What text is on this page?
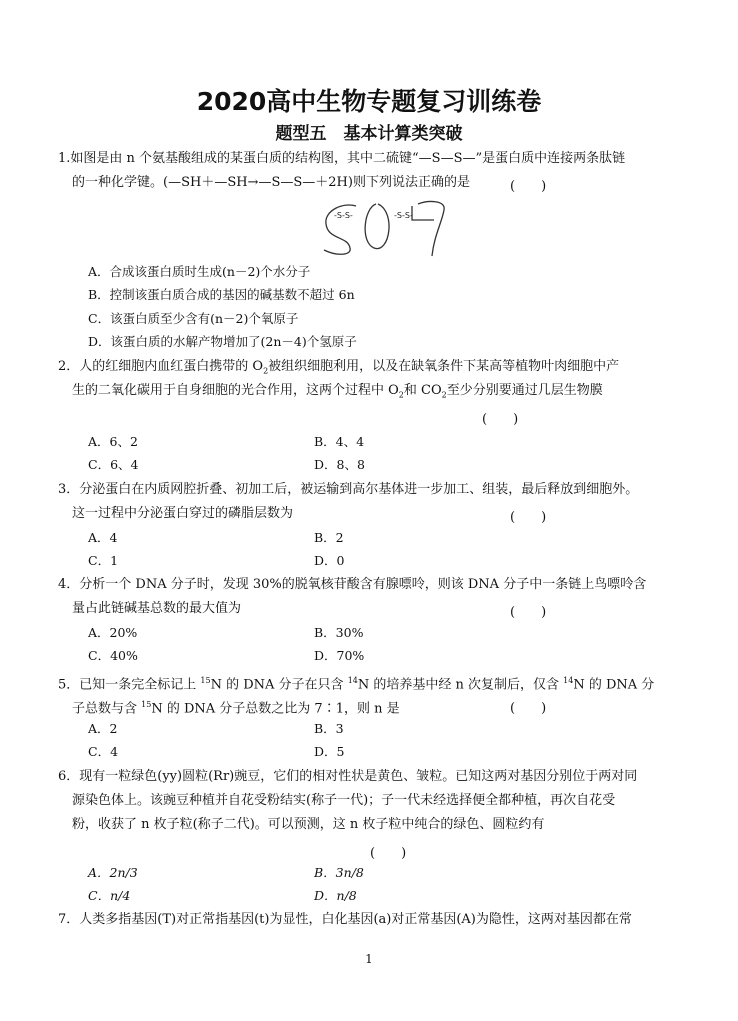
2020高中生物专题复习训练卷
题型五　基本计算类突破
1.如图是由 n 个氨基酸组成的某蛋白质的结构图，其中二硫键“—S—S—”是蛋白质中连接两条肽链
的一种化学键。(—SH＋—SH→—S—S—＋2H)则下列说法正确的是	(　　)
-S-S-	-S-S-
A．合成该蛋白质时生成(n－2)个水分子
B．控制该蛋白质合成的基因的碱基数不超过 6n
C．该蛋白质至少含有(n－2)个氧原子
D．该蛋白质的水解产物增加了(2n－4)个氢原子
2．人的红细胞内血红蛋白携带的 $O_2$被组织细胞利用，以及在缺氧条件下某高等植物叶肉细胞中产
生的二氧化碳用于自身细胞的光合作用，这两个过程中 $O_2$和 $CO_2$至少分别要通过几层生物膜
(　　)
A．6、2	B．4、4
C．6、4	D．8、8
3．分泌蛋白在内质网腔折叠、初加工后，被运输到高尔基体进一步加工、组装，最后释放到细胞外。
这一过程中分泌蛋白穿过的磷脂层数为	(　　)
A．4	B．2
C．1	D．0
4．分析一个 DNA 分子时，发现 30%的脱氧核苷酸含有腺嘌呤，则该 DNA 分子中一条链上鸟嘌呤含
量占此链碱基总数的最大值为	(　　)
A．20%	B．30%
C．40%	D．70%
5．已知一条完全标记上 $^{15}$N 的 DNA 分子在只含 $^{14}$N 的培养基中经 n 次复制后，仅含 $^{14}$N 的 DNA 分
子总数与含 $^{15}$N 的 DNA 分子总数之比为 7∶1，则 n 是	(　　)
A．2	B．3
C．4	D．5
6．现有一粒绿色(yy)圆粒(Rr)豌豆，它们的相对性状是黄色、皱粒。已知这两对基因分别位于两对同
源染色体上。该豌豆种植并自花受粉结实(称子一代)；子一代未经选择便全都种植，再次自花受
粉，收获了 n 枚子粒(称子二代)。可以预测，这 n 枚子粒中纯合的绿色、圆粒约有
(　　)
A．2n/3	B．3n/8
C．n/4	D．n/8
7．人类多指基因(T)对正常指基因(t)为显性，白化基因(a)对正常基因(A)为隐性，这两对基因都在常
1
